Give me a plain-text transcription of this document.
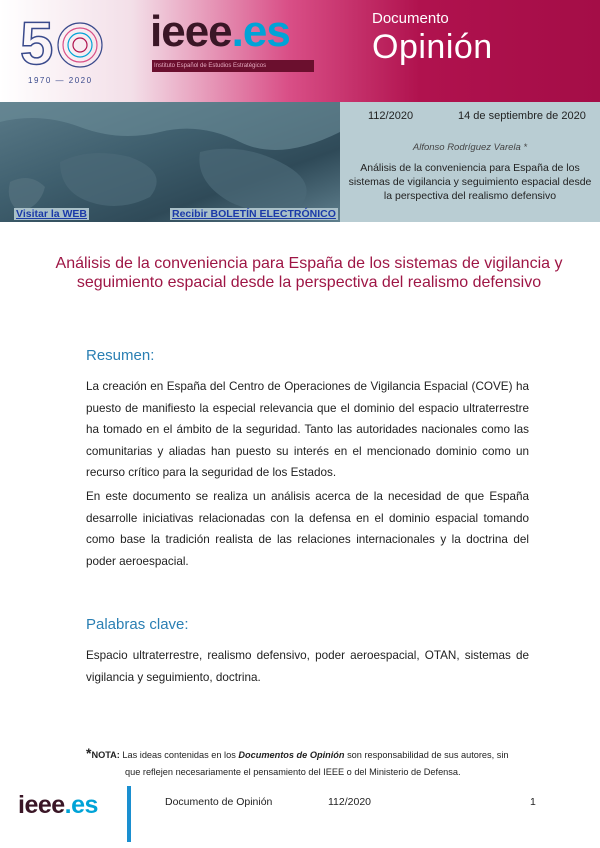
5
1970 — 2020
ieee.es
Instituto Español de Estudios Estratégicos
Documento
Opinión
112/2020	14 de septiembre de 2020
Alfonso Rodríguez Varela *
Análisis de la conveniencia para España de los sistemas de vigilancia y seguimiento espacial desde la perspectiva del realismo defensivo
Visitar la WEB	Recibir BOLETÍN ELECTRÓNICO
Análisis de la conveniencia para España de los sistemas de vigilancia y seguimiento espacial desde la perspectiva del realismo defensivo
Resumen:
La creación en España del Centro de Operaciones de Vigilancia Espacial (COVE) ha puesto de manifiesto la especial relevancia que el dominio del espacio ultraterrestre ha tomado en el ámbito de la seguridad. Tanto las autoridades nacionales como las comunitarias y aliadas han puesto su interés en el mencionado dominio como un recurso crítico para la seguridad de los Estados.
En este documento se realiza un análisis acerca de la necesidad de que España desarrolle iniciativas relacionadas con la defensa en el dominio espacial tomando como base la tradición realista de las relaciones internacionales y la doctrina del poder aeroespacial.
Palabras clave:
Espacio ultraterrestre, realismo defensivo, poder aeroespacial, OTAN, sistemas de vigilancia y seguimiento, doctrina.
*NOTA: Las ideas contenidas en los Documentos de Opinión son responsabilidad de sus autores, sin
que reflejen necesariamente el pensamiento del IEEE o del Ministerio de Defensa.
ieee.es	Documento de Opinión	112/2020	1
